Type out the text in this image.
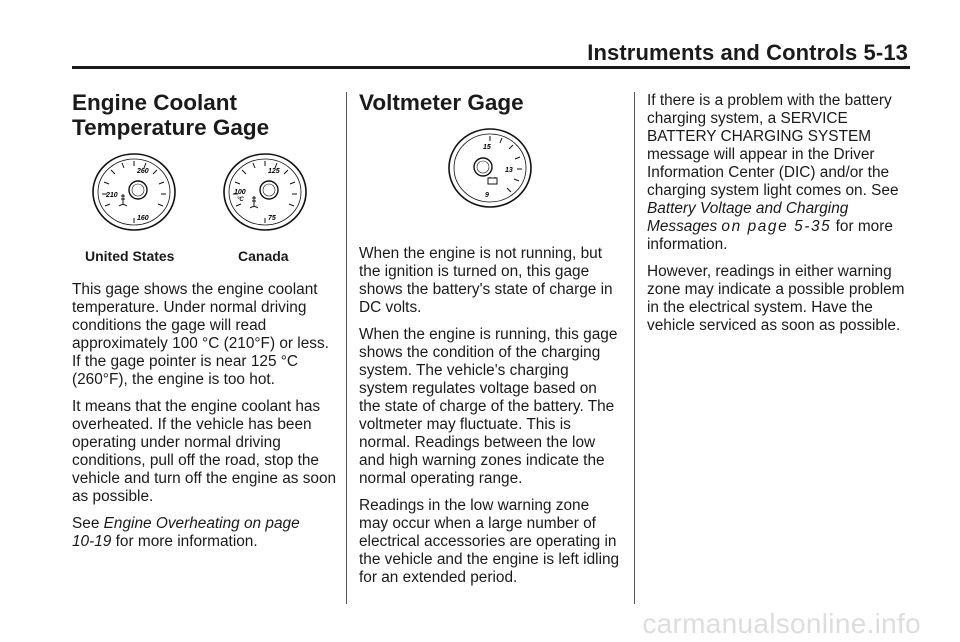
Instruments and Controls 5-13
Engine Coolant
Temperature Gage
260
210
160
125
100
°C
75
United States	Canada

This gage shows the engine coolant temperature. Under normal driving conditions the gage will read approximately 100 °C (210°F) or less. If the gage pointer is near 125 °C (260°F), the engine is too hot.

It means that the engine coolant has overheated. If the vehicle has been operating under normal driving conditions, pull off the road, stop the vehicle and turn off the engine as soon as possible.

See Engine Overheating on page 10‑19 for more information.

Voltmeter Gage
15
13
9

When the engine is not running, but the ignition is turned on, this gage shows the battery's state of charge in DC volts.

When the engine is running, this gage shows the condition of the charging system. The vehicle's charging system regulates voltage based on the state of charge of the battery. The voltmeter may fluctuate. This is normal. Readings between the low and high warning zones indicate the normal operating range.

Readings in the low warning zone may occur when a large number of electrical accessories are operating in the vehicle and the engine is left idling for an extended period.

If there is a problem with the battery charging system, a SERVICE BATTERY CHARGING SYSTEM message will appear in the Driver Information Center (DIC) and/or the charging system light comes on. See Battery Voltage and Charging Messages on page 5‑35 for more information.

However, readings in either warning zone may indicate a possible problem in the electrical system. Have the vehicle serviced as soon as possible.

carmanualsonline.info
